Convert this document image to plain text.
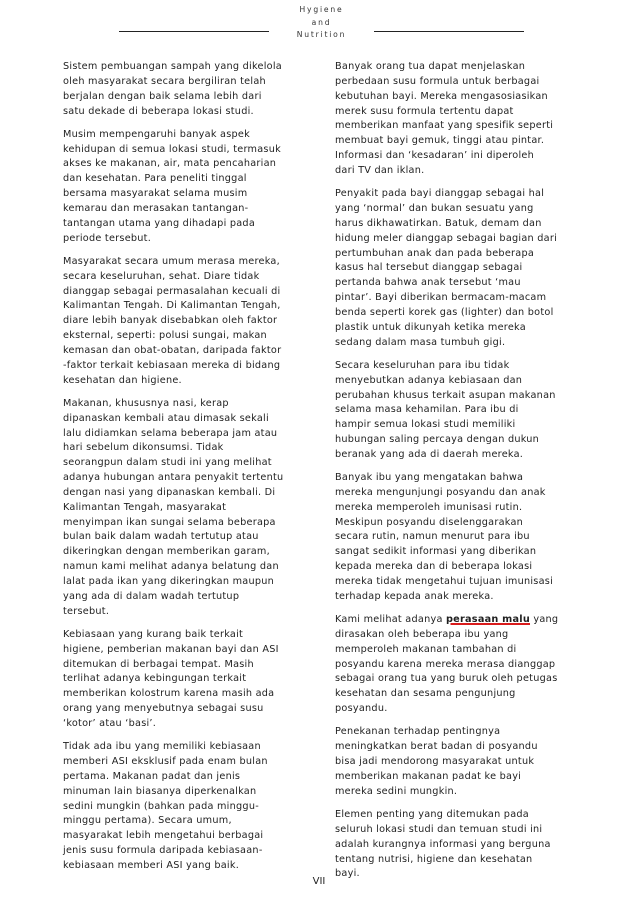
Hygiene
and
Nutrition

Sistem pembuangan sampah yang dikelola
oleh masyarakat secara bergiliran telah
berjalan dengan baik selama lebih dari
satu dekade di beberapa lokasi studi.

Musim mempengaruhi banyak aspek
kehidupan di semua lokasi studi, termasuk
akses ke makanan, air, mata pencaharian
dan kesehatan. Para peneliti tinggal
bersama masyarakat selama musim
kemarau dan merasakan tantangan-
tantangan utama yang dihadapi pada
periode tersebut.

Masyarakat secara umum merasa mereka,
secara keseluruhan, sehat. Diare tidak
dianggap sebagai permasalahan kecuali di
Kalimantan Tengah. Di Kalimantan Tengah,
diare lebih banyak disebabkan oleh faktor
eksternal, seperti: polusi sungai, makan
kemasan dan obat-obatan, daripada faktor
-faktor terkait kebiasaan mereka di bidang
kesehatan dan higiene.

Makanan, khususnya nasi, kerap
dipanaskan kembali atau dimasak sekali
lalu didiamkan selama beberapa jam atau
hari sebelum dikonsumsi. Tidak
seorangpun dalam studi ini yang melihat
adanya hubungan antara penyakit tertentu
dengan nasi yang dipanaskan kembali. Di
Kalimantan Tengah, masyarakat
menyimpan ikan sungai selama beberapa
bulan baik dalam wadah tertutup atau
dikeringkan dengan memberikan garam,
namun kami melihat adanya belatung dan
lalat pada ikan yang dikeringkan maupun
yang ada di dalam wadah tertutup
tersebut.

Kebiasaan yang kurang baik terkait
higiene, pemberian makanan bayi dan ASI
ditemukan di berbagai tempat. Masih
terlihat adanya kebingungan terkait
memberikan kolostrum karena masih ada
orang yang menyebutnya sebagai susu
‘kotor’ atau ‘basi’.

Tidak ada ibu yang memiliki kebiasaan
memberi ASI eksklusif pada enam bulan
pertama. Makanan padat dan jenis
minuman lain biasanya diperkenalkan
sedini mungkin (bahkan pada minggu-
minggu pertama). Secara umum,
masyarakat lebih mengetahui berbagai
jenis susu formula daripada kebiasaan-
kebiasaan memberi ASI yang baik.

Banyak orang tua dapat menjelaskan
perbedaan susu formula untuk berbagai
kebutuhan bayi. Mereka mengasosiasikan
merek susu formula tertentu dapat
memberikan manfaat yang spesifik seperti
membuat bayi gemuk, tinggi atau pintar.
Informasi dan ‘kesadaran’ ini diperoleh
dari TV dan iklan.

Penyakit pada bayi dianggap sebagai hal
yang ‘normal’ dan bukan sesuatu yang
harus dikhawatirkan. Batuk, demam dan
hidung meler dianggap sebagai bagian dari
pertumbuhan anak dan pada beberapa
kasus hal tersebut dianggap sebagai
pertanda bahwa anak tersebut ‘mau
pintar’. Bayi diberikan bermacam-macam
benda seperti korek gas (lighter) dan botol
plastik untuk dikunyah ketika mereka
sedang dalam masa tumbuh gigi.

Secara keseluruhan para ibu tidak
menyebutkan adanya kebiasaan dan
perubahan khusus terkait asupan makanan
selama masa kehamilan. Para ibu di
hampir semua lokasi studi memiliki
hubungan saling percaya dengan dukun
beranak yang ada di daerah mereka.

Banyak ibu yang mengatakan bahwa
mereka mengunjungi posyandu dan anak
mereka memperoleh imunisasi rutin.
Meskipun posyandu diselenggarakan
secara rutin, namun menurut para ibu
sangat sedikit informasi yang diberikan
kepada mereka dan di beberapa lokasi
mereka tidak mengetahui tujuan imunisasi
terhadap kepada anak mereka.

Kami melihat adanya perasaan malu yang
dirasakan oleh beberapa ibu yang
memperoleh makanan tambahan di
posyandu karena mereka merasa dianggap
sebagai orang tua yang buruk oleh petugas
kesehatan dan sesama pengunjung
posyandu.

Penekanan terhadap pentingnya
meningkatkan berat badan di posyandu
bisa jadi mendorong masyarakat untuk
memberikan makanan padat ke bayi
mereka sedini mungkin.

Elemen penting yang ditemukan pada
seluruh lokasi studi dan temuan studi ini
adalah kurangnya informasi yang berguna
tentang nutrisi, higiene dan kesehatan
bayi.

VII
